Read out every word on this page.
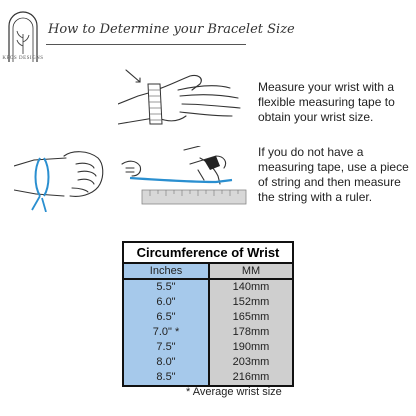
KPOS DESIGNS
How to Determine your Bracelet Size
Measure your wrist with a flexible measuring tape to obtain your wrist size.
If you do not have a measuring tape, use a piece of string and then measure the string with a ruler.
Circumference of Wrist
Inches	MM
5.5"	140mm
6.0"	152mm
6.5"	165mm
7.0" *	178mm
7.5"	190mm
8.0"	203mm
8.5"	216mm
* Average wrist size
